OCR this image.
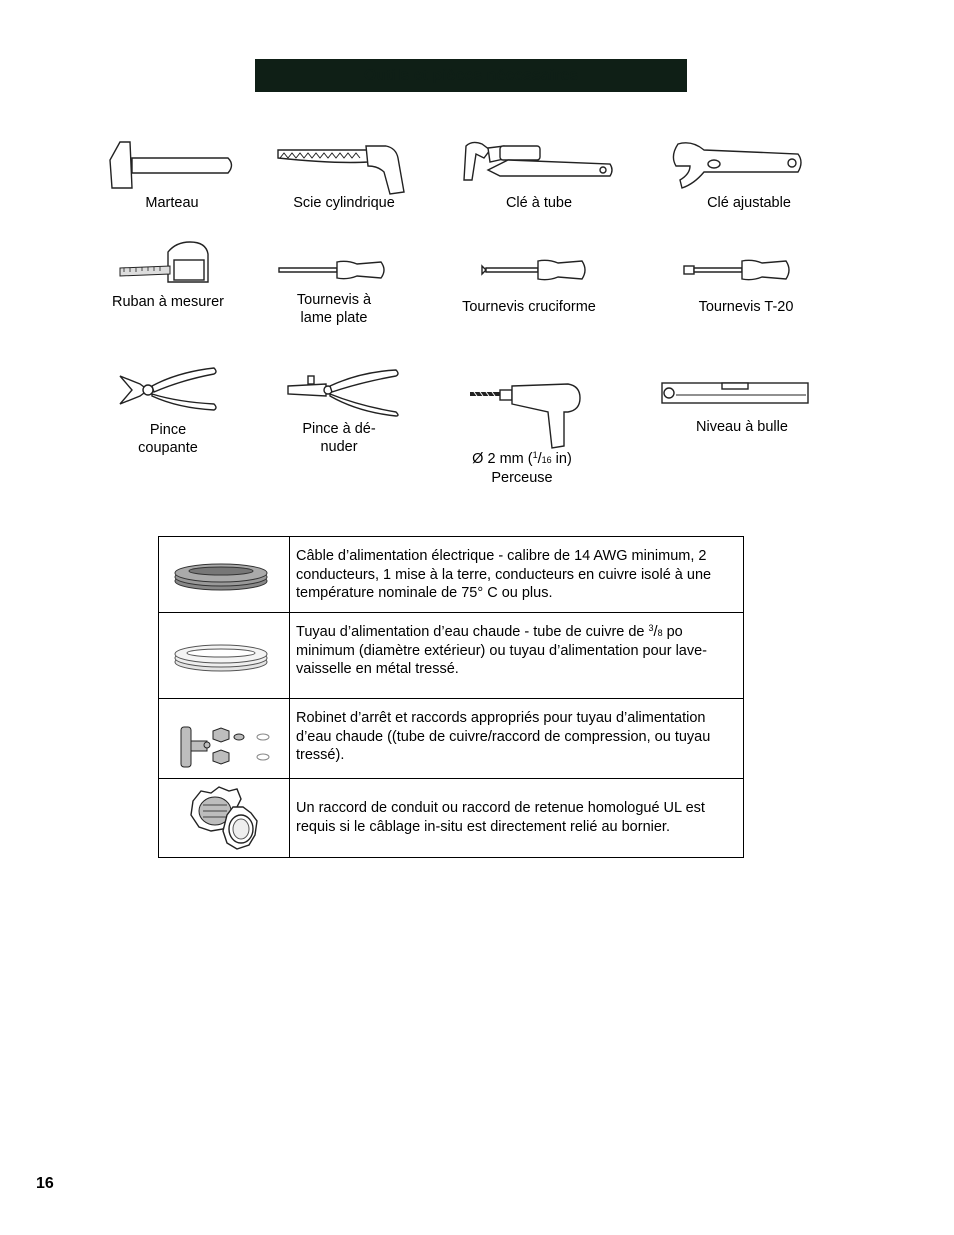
Outils et pièces nécessaires
Marteau	Scie cylindrique	Clé à tube	Clé ajustable
Ruban à mesurer	Tournevis à
lame plate
Tournevis cruciforme	Tournevis T-20
Pince
coupante
Pince à dé-
nuder
Ø 2 mm ($^1$/16 in)
Perceuse
Niveau à bulle
	Câble d’alimentation électrique - calibre de 14 AWG minimum, 2 conducteurs, 1 mise à la terre, conducteurs en cuivre isolé à une température nominale de 75° C ou plus.

	Tuyau d’alimentation d’eau chaude - tube de cuivre de $^3$/8 po minimum (diamètre extérieur) ou tuyau d’alimentation pour lave-vaisselle en métal tressé.

	Robinet d’arrêt et raccords appropriés pour tuyau d’alimentation d’eau chaude ((tube de cuivre/raccord de compression, ou tuyau tressé).

	Un raccord de conduit ou raccord de retenue homologué UL est requis si le câblage in-situ est directement relié au bornier.
16
